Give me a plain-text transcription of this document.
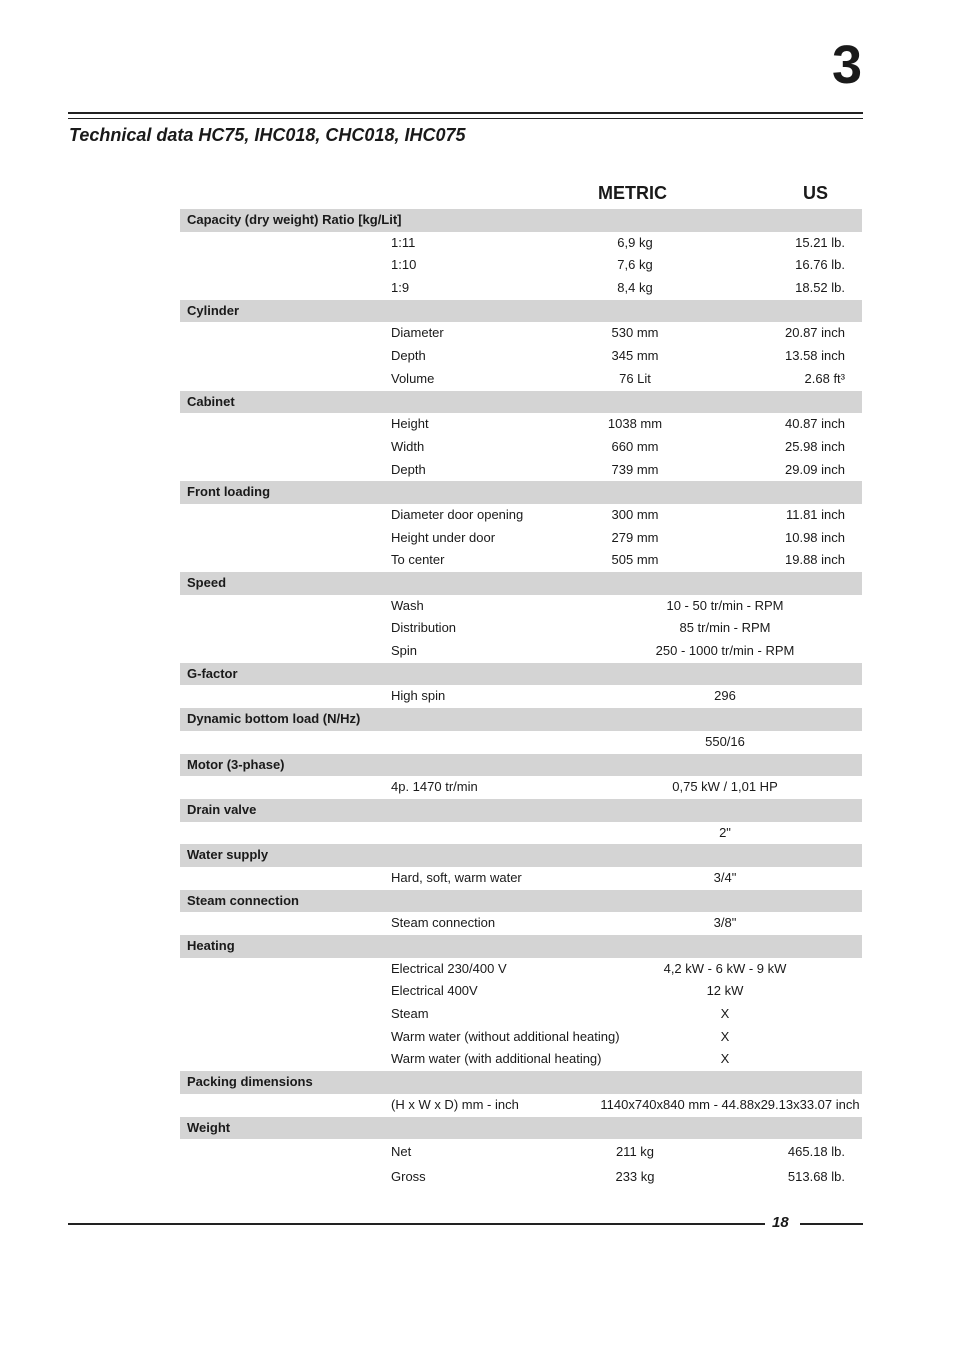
3
Technical data HC75, IHC018, CHC018, IHC075
METRIC	US
Capacity (dry weight) Ratio [kg/Lit]
1:11	6,9 kg	15.21 lb.
1:10	7,6 kg	16.76 lb.
1:9	8,4 kg	18.52 lb.
Cylinder
Diameter	530 mm	20.87 inch
Depth	345 mm	13.58 inch
Volume	76 Lit	2.68 ft³
Cabinet
Height	1038 mm	40.87 inch
Width	660 mm	25.98 inch
Depth	739 mm	29.09 inch
Front loading
Diameter door opening	300 mm	11.81 inch
Height under door	279 mm	10.98 inch
To center	505 mm	19.88 inch
Speed
Wash	10 - 50 tr/min - RPM
Distribution	85 tr/min - RPM
Spin	250 - 1000 tr/min - RPM
G-factor
High spin	296
Dynamic bottom load (N/Hz)
550/16
Motor (3-phase)
4p. 1470 tr/min	0,75 kW / 1,01 HP
Drain valve
2"
Water supply
Hard, soft, warm water	3/4"
Steam connection
Steam connection	3/8"
Heating
Electrical 230/400 V	4,2 kW - 6 kW - 9 kW
Electrical 400V	12 kW
Steam	X
Warm water (without additional heating)	X
Warm water (with additional heating)	X
Packing dimensions
(H x W x D) mm - inch	1140x740x840 mm - 44.88x29.13x33.07 inch
Weight
Net	211 kg	465.18 lb.
Gross	233 kg	513.68 lb.
18
